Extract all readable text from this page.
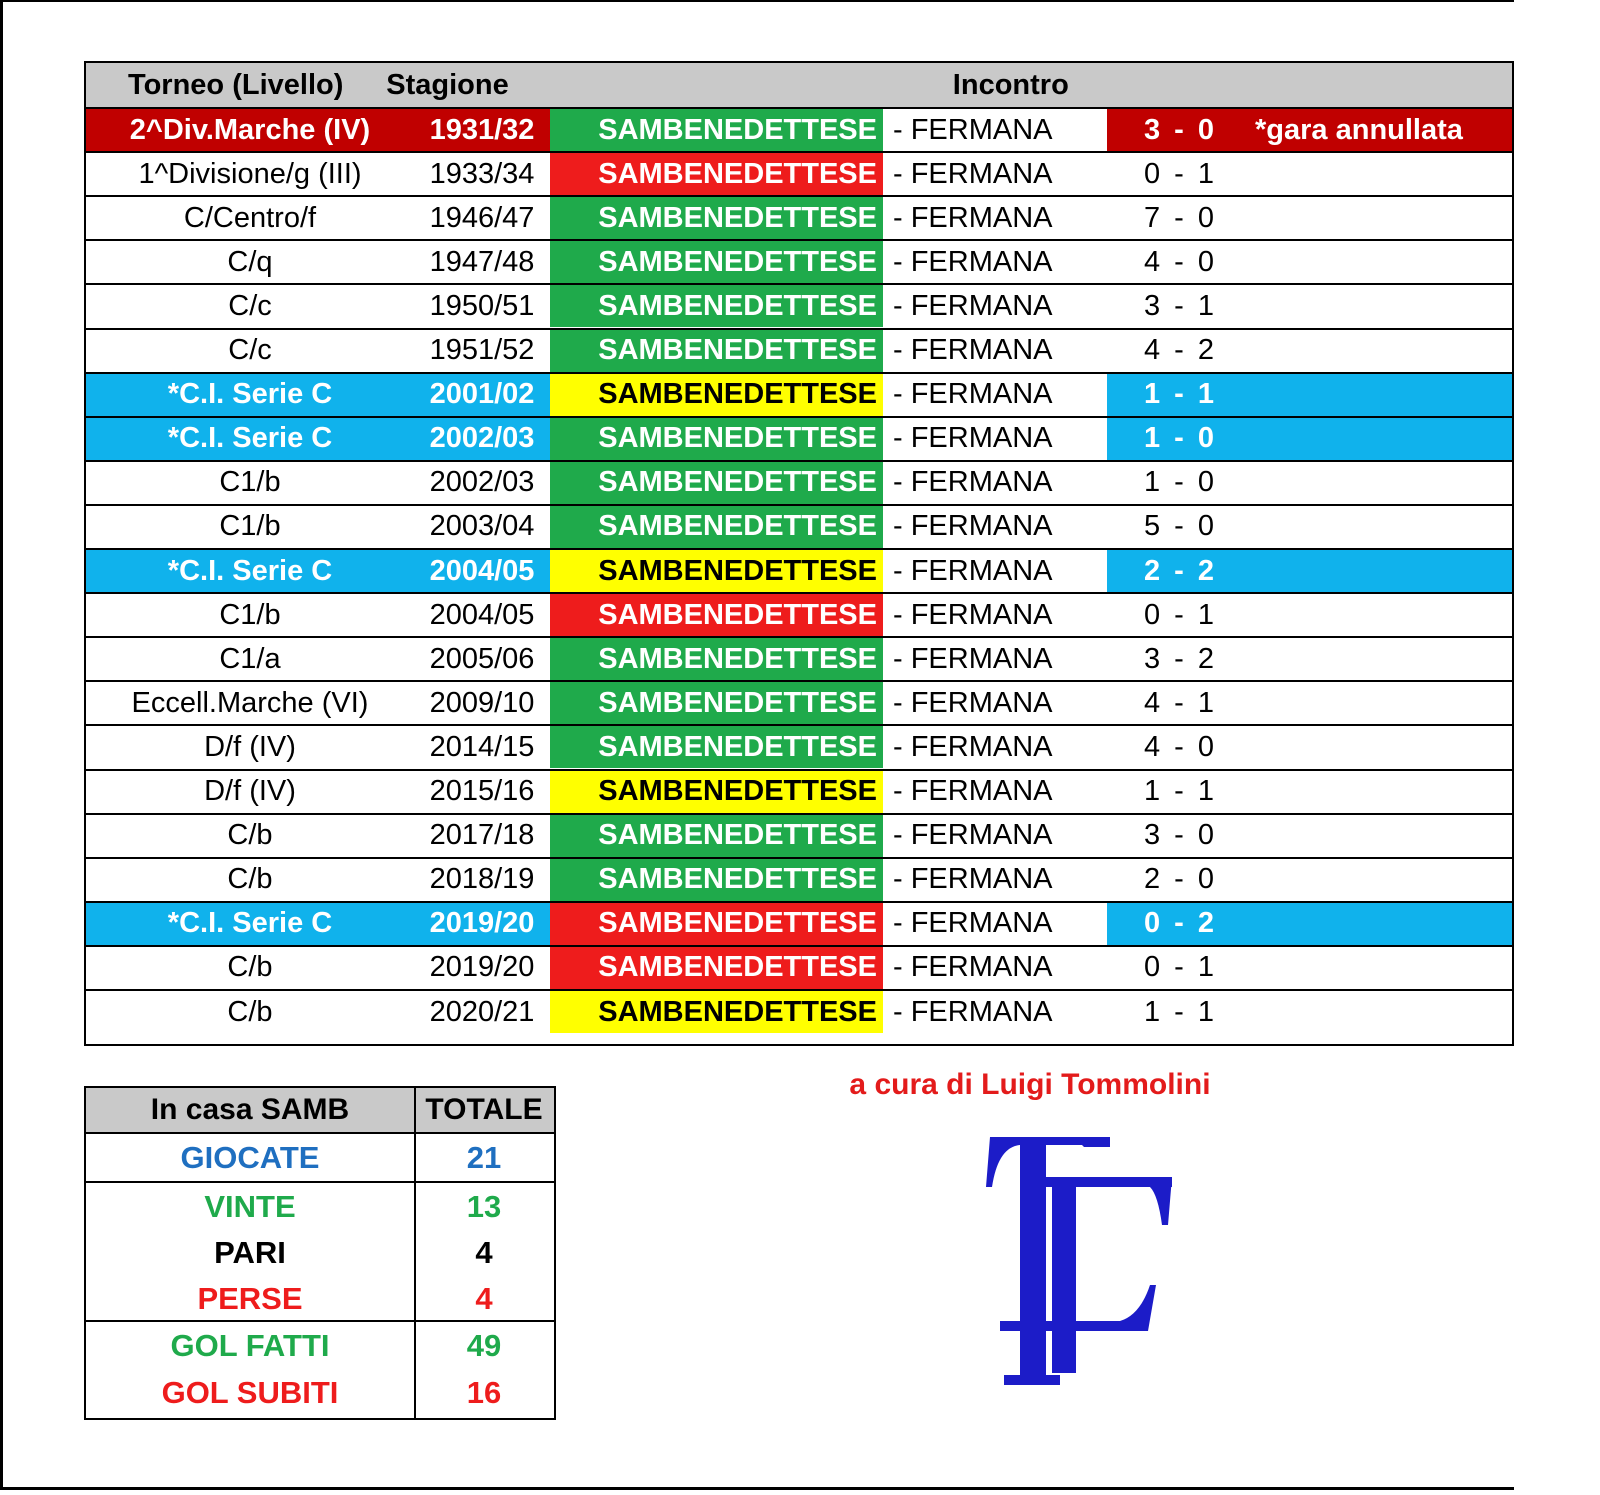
Torneo (Livello)	Stagione	Incontro
2^Div.Marche (IV)	1931/32	SAMBENEDETTESE - FERMANA	3 - 0 *gara annullata
1^Divisione/g (III)	1933/34	SAMBENEDETTESE - FERMANA	0 - 1
C/Centro/f	1946/47	SAMBENEDETTESE - FERMANA	7 - 0
C/q	1947/48	SAMBENEDETTESE - FERMANA	4 - 0
C/c	1950/51	SAMBENEDETTESE - FERMANA	3 - 1
C/c	1951/52	SAMBENEDETTESE - FERMANA	4 - 2
*C.I. Serie C	2001/02	SAMBENEDETTESE - FERMANA	1 - 1
*C.I. Serie C	2002/03	SAMBENEDETTESE - FERMANA	1 - 0
C1/b	2002/03	SAMBENEDETTESE - FERMANA	1 - 0
C1/b	2003/04	SAMBENEDETTESE - FERMANA	5 - 0
*C.I. Serie C	2004/05	SAMBENEDETTESE - FERMANA	2 - 2
C1/b	2004/05	SAMBENEDETTESE - FERMANA	0 - 1
C1/a	2005/06	SAMBENEDETTESE - FERMANA	3 - 2
Eccell.Marche (VI)	2009/10	SAMBENEDETTESE - FERMANA	4 - 1
D/f (IV)	2014/15	SAMBENEDETTESE - FERMANA	4 - 0
D/f (IV)	2015/16	SAMBENEDETTESE - FERMANA	1 - 1
C/b	2017/18	SAMBENEDETTESE - FERMANA	3 - 0
C/b	2018/19	SAMBENEDETTESE - FERMANA	2 - 0
*C.I. Serie C	2019/20	SAMBENEDETTESE - FERMANA	0 - 2
C/b	2019/20	SAMBENEDETTESE - FERMANA	0 - 1
C/b	2020/21	SAMBENEDETTESE - FERMANA	1 - 1
In casa SAMB	TOTALE
GIOCATE	21
VINTE	13
PARI	4
PERSE	4
GOL FATTI	49
GOL SUBITI	16
a cura di Luigi Tommolini
